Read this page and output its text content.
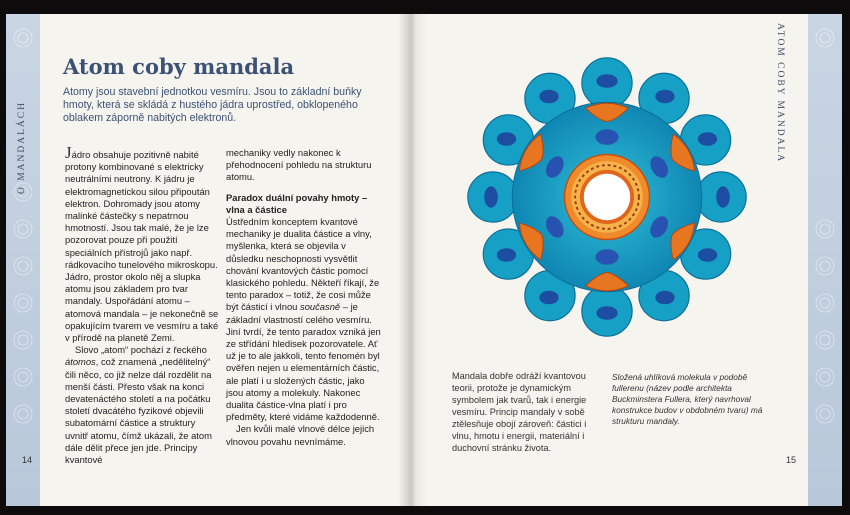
O MANDALÁCH
Atom coby mandala
Atomy jsou stavební jednotkou vesmíru. Jsou to základní buňky hmoty, která se skládá z hustého jádra uprostřed, obklopeného oblakem záporně nabitých elektronů.

Jádro obsahuje pozitivně nabité protony kombinované s elektricky neutrálními neutrony. K jádru je elektromagnetickou silou připoután elektron. Dohromady jsou atomy malinké částečky s nepatrnou hmotností. Jsou tak malé, že je lze pozorovat pouze při použití speciálních přístrojů jako např. rádkovacího tunelového mikroskopu. Jádro, prostor okolo něj a slupka atomu jsou základem pro tvar mandaly. Uspořádání atomu – atomová mandala – je nekonečně se opakujícím tvarem ve vesmíru a také v přírodě na planetě Zemi.

Slovo „atom“ pochází z řeckého átomos, což znamená „nedělitelný“ čili něco, co již nelze dál rozdělit na menší části. Přesto však na konci devatenáctého století a na počátku století dvacátého fyzikové objevili subatomární částice a struktury uvnitř atomu, čímž ukázali, že atom dále dělit přece jen jde. Principy kvantové

mechaniky vedly nakonec k přehodnocení pohledu na strukturu atomu.

Paradox duální povahy hmoty – vlna a částice

Ústředním konceptem kvantové mechaniky je dualita částice a vlny, myšlenka, která se objevila v důsledku neschopnosti vysvětlit chování kvantových částic pomocí klasického pohledu. Někteří říkají, že tento paradox – totiž, že cosi může být částicí i vlnou současně – je základní vlastností celého vesmíru. Jiní tvrdí, že tento paradox vzniká jen ze střídání hledisek pozorovatele. Ať už je to ale jakkoli, tento fenomén byl ověřen nejen u elementárních částic, ale platí i u složených částic, jako jsou atomy a molekuly. Nakonec dualita částice-vlna platí i pro předměty, které vidáme každodenně.

Jen kvůli malé vlnové délce jejich vlnovou povahu nevnímáme.

14
Mandala dobře odráží kvantovou teorii, protože je dynamickým symbolem jak tvarů, tak i energie vesmíru. Princip mandaly v sobě ztělesňuje obojí zároveň: částici i vlnu, hmotu i energii, materiální i duchovní stránku života.
Složená uhlíková molekula v podobě fullerenu (název podle architekta Buckminstera Fullera, který navrhoval konstrukce budov v obdobném tvaru) má strukturu mandaly.
ATOM COBY MANDALA
15
